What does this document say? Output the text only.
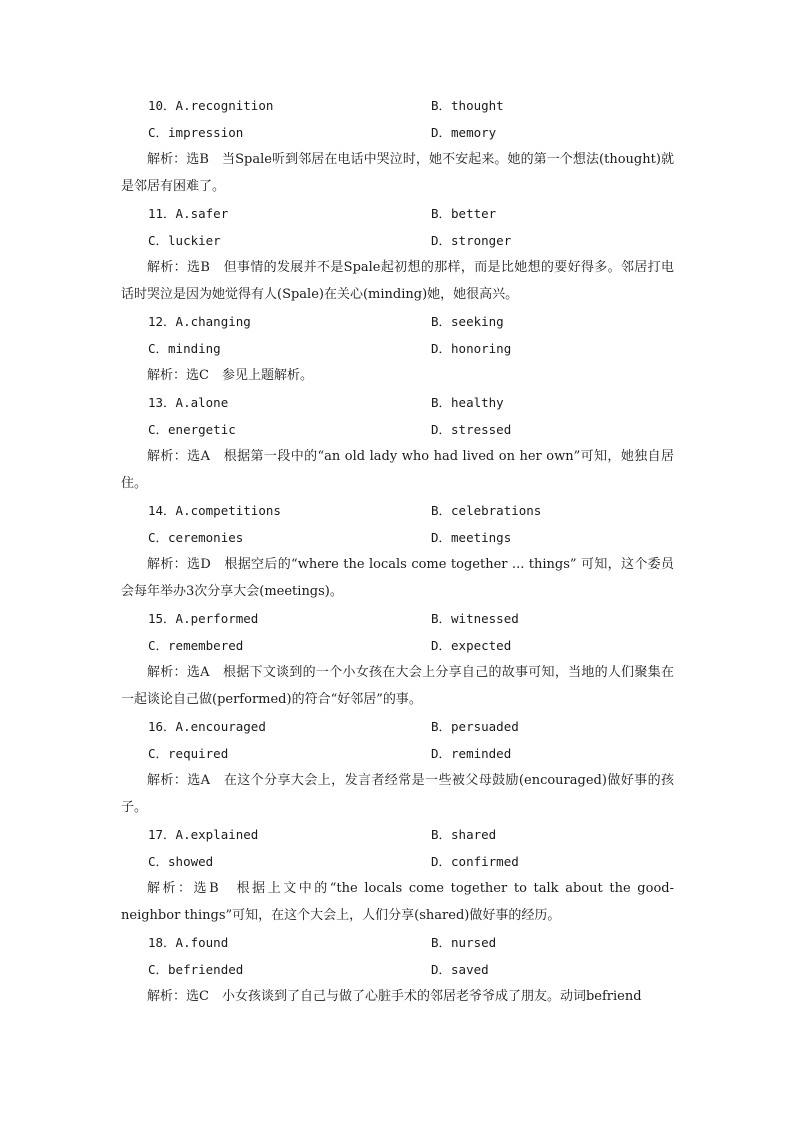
10．A.recognition	B．thought
C．impression	D．memory

解析：选B　当Spale听到邻居在电话中哭泣时，她不安起来。她的第一个想法(thought)就是邻居有困难了。

11．A.safer	B．better
C．luckier	D．stronger

解析：选B　但事情的发展并不是Spale起初想的那样，而是比她想的要好得多。邻居打电话时哭泣是因为她觉得有人(Spale)在关心(minding)她，她很高兴。

12．A.changing	B．seeking
C．minding	D．honoring

解析：选C　参见上题解析。

13．A.alone	B．healthy
C．energetic	D．stressed

解析：选A　根据第一段中的“an old lady who had lived on her own”可知，她独自居住。

14．A.competitions	B．celebrations
C．ceremonies	D．meetings

解析：选D　根据空后的“where the locals come together ... things” 可知，这个委员会每年举办3次分享大会(meetings)。

15．A.performed	B．witnessed
C．remembered	D．expected

解析：选A　根据下文谈到的一个小女孩在大会上分享自己的故事可知，当地的人们聚集在一起谈论自己做(performed)的符合“好邻居”的事。

16．A.encouraged	B．persuaded
C．required	D．reminded

解析：选A　在这个分享大会上，发言者经常是一些被父母鼓励(encouraged)做好事的孩子。

17．A.explained	B．shared
C．showed	D．confirmed

解析：选B　根据上文中的“the locals come together to talk about the good-neighbor things”可知，在这个大会上，人们分享(shared)做好事的经历。

18．A.found	B．nursed
C．befriended	D．saved

解析：选C　小女孩谈到了自己与做了心脏手术的邻居老爷爷成了朋友。动词befriend
